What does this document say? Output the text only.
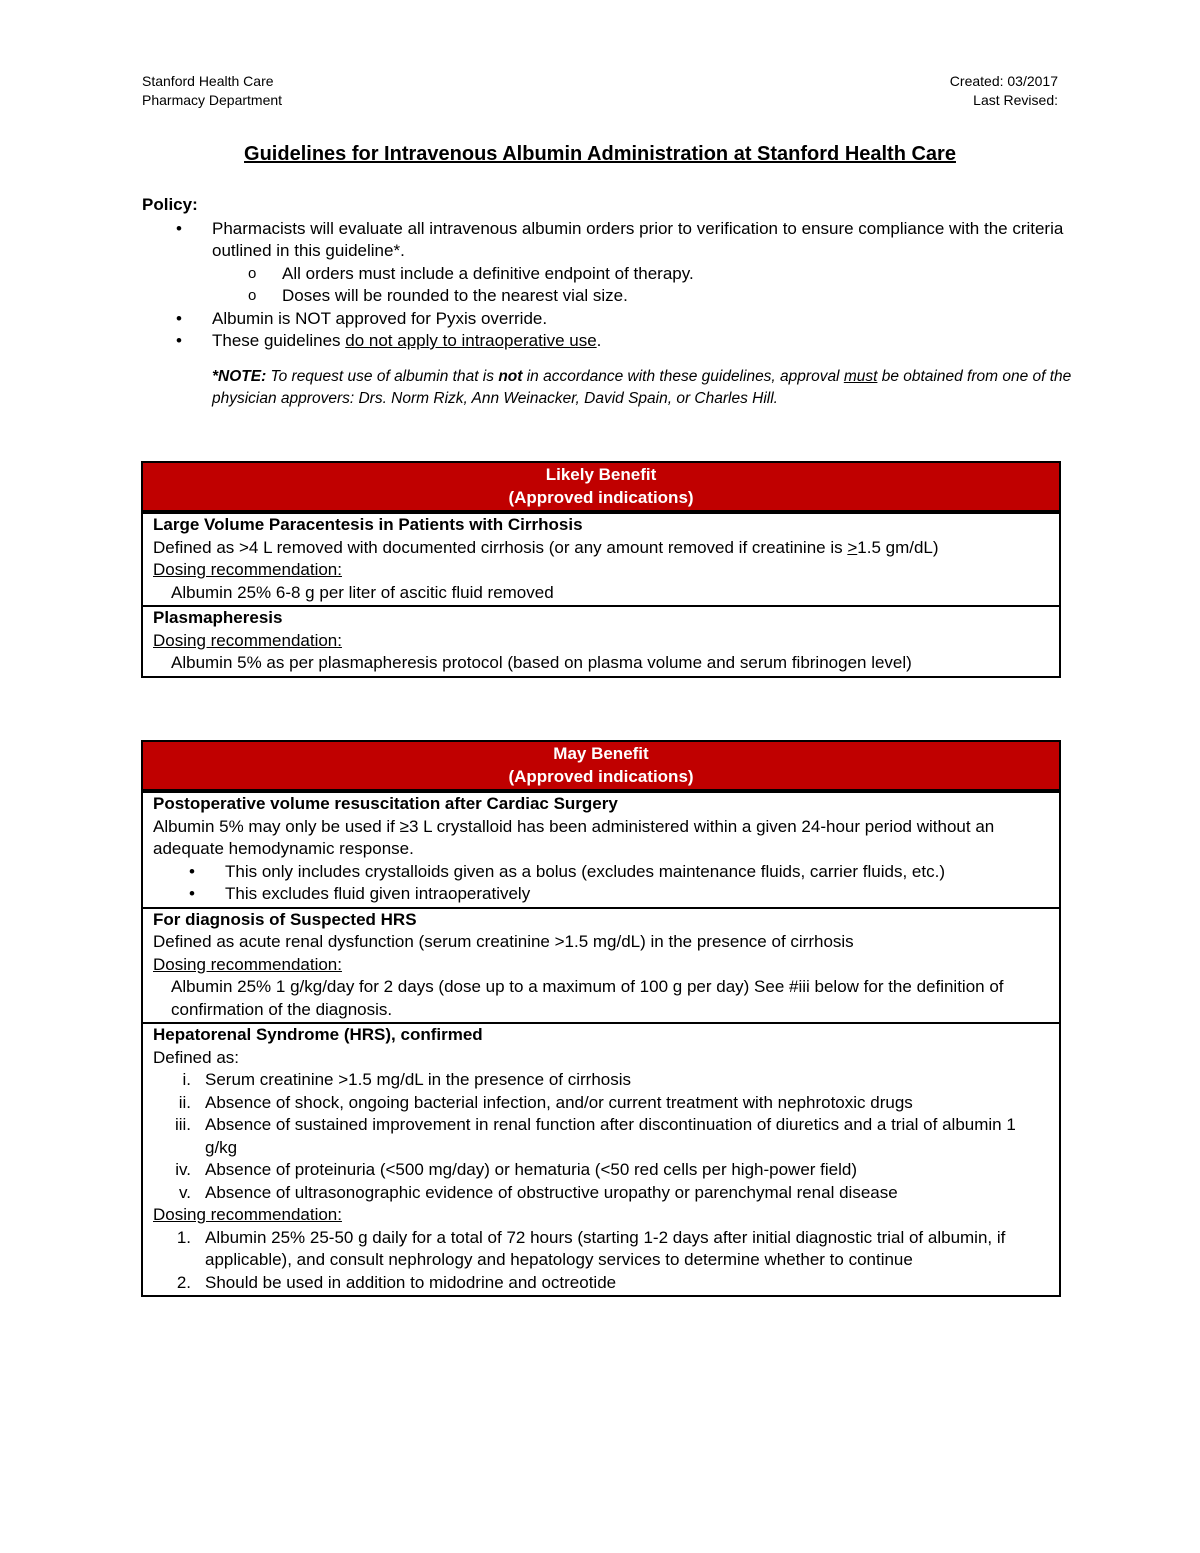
Stanford Health Care
Pharmacy Department
Created: 03/2017
Last Revised:
Guidelines for Intravenous Albumin Administration at Stanford Health Care
Policy:
• Pharmacists will evaluate all intravenous albumin orders prior to verification to ensure compliance with the criteria outlined in this guideline*.
o All orders must include a definitive endpoint of therapy.
o Doses will be rounded to the nearest vial size.
• Albumin is NOT approved for Pyxis override.
• These guidelines do not apply to intraoperative use.
*NOTE: To request use of albumin that is not in accordance with these guidelines, approval must be obtained from one of the physician approvers: Drs. Norm Rizk, Ann Weinacker, David Spain, or Charles Hill.
Likely Benefit
(Approved indications)
Large Volume Paracentesis in Patients with Cirrhosis
Defined as >4 L removed with documented cirrhosis (or any amount removed if creatinine is >1.5 gm/dL)
Dosing recommendation:
Albumin 25% 6-8 g per liter of ascitic fluid removed
Plasmapheresis
Dosing recommendation:
Albumin 5% as per plasmapheresis protocol (based on plasma volume and serum fibrinogen level)
May Benefit
(Approved indications)
Postoperative volume resuscitation after Cardiac Surgery
Albumin 5% may only be used if ≥3 L crystalloid has been administered within a given 24-hour period without an adequate hemodynamic response.
• This only includes crystalloids given as a bolus (excludes maintenance fluids, carrier fluids, etc.)
• This excludes fluid given intraoperatively
For diagnosis of Suspected HRS
Defined as acute renal dysfunction (serum creatinine >1.5 mg/dL) in the presence of cirrhosis
Dosing recommendation:
Albumin 25% 1 g/kg/day for 2 days (dose up to a maximum of 100 g per day) See #iii below for the definition of confirmation of the diagnosis.
Hepatorenal Syndrome (HRS), confirmed
Defined as:
i. Serum creatinine >1.5 mg/dL in the presence of cirrhosis
ii. Absence of shock, ongoing bacterial infection, and/or current treatment with nephrotoxic drugs
iii. Absence of sustained improvement in renal function after discontinuation of diuretics and a trial of albumin 1 g/kg
iv. Absence of proteinuria (<500 mg/day) or hematuria (<50 red cells per high-power field)
v. Absence of ultrasonographic evidence of obstructive uropathy or parenchymal renal disease
Dosing recommendation:
1. Albumin 25% 25-50 g daily for a total of 72 hours (starting 1-2 days after initial diagnostic trial of albumin, if applicable), and consult nephrology and hepatology services to determine whether to continue
2. Should be used in addition to midodrine and octreotide
